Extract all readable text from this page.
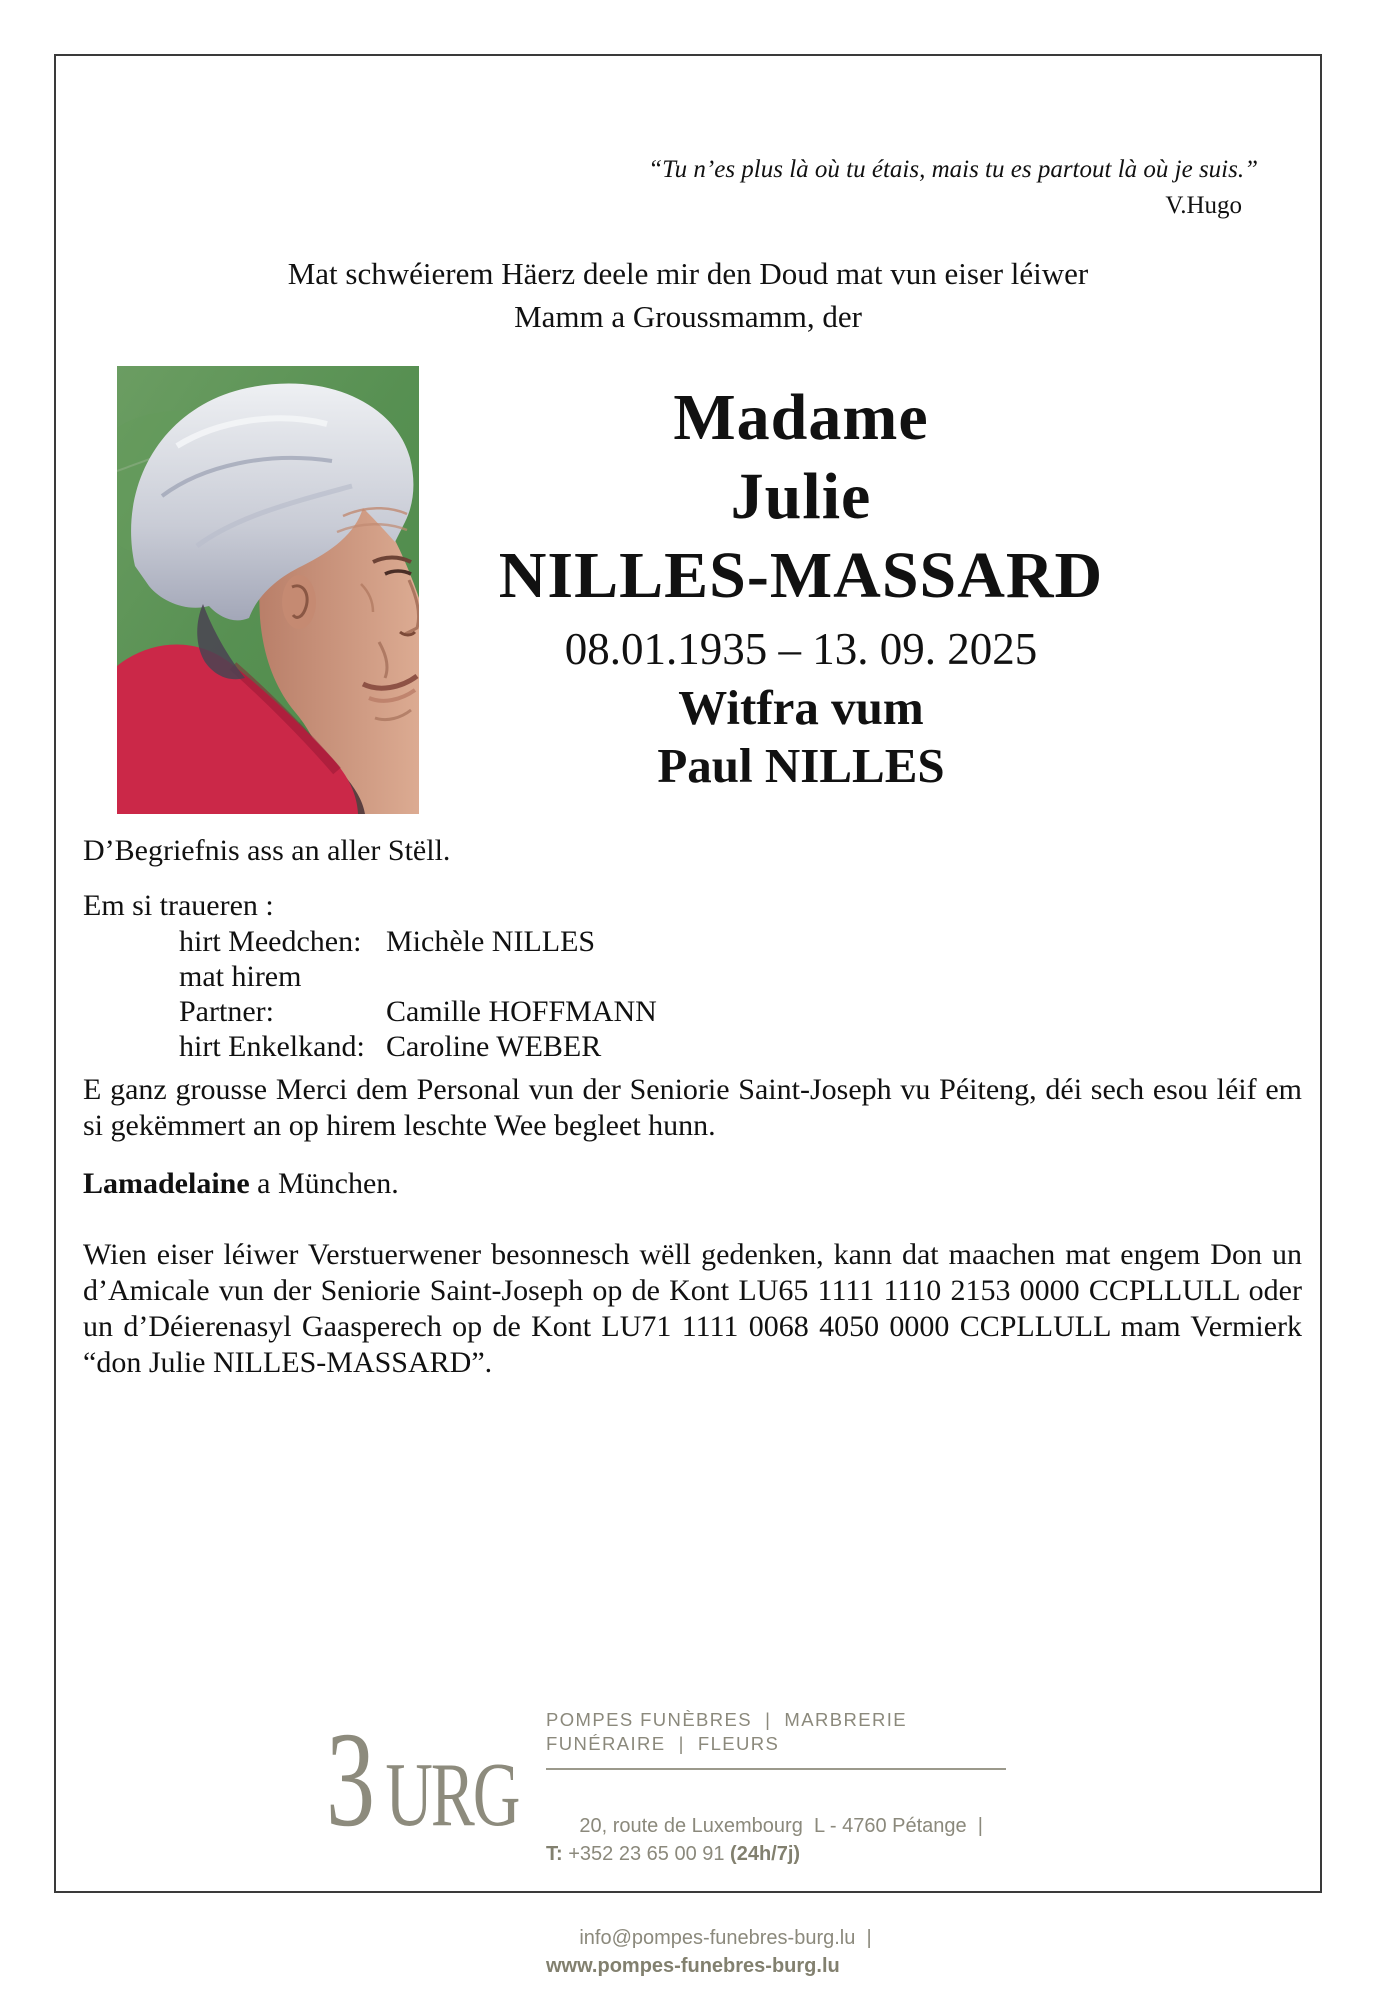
“Tu n’es plus là où tu étais, mais tu es partout là où je suis.”
V.Hugo
Mat schwéierem Häerz deele mir den Doud mat vun eiser léiwer
Mamm a Groussmamm, der
Madame
Julie
NILLES-MASSARD
08.01.1935 – 13. 09. 2025
Witfra vum
Paul NILLES
D’Begriefnis ass an aller Stëll.
Em si traueren :
hirt Meedchen: Michèle NILLES
mat hirem Partner:	Camille HOFFMANN
hirt Enkelkand: Caroline WEBER
E ganz grousse Merci dem Personal vun der Seniorie Saint-Joseph vu Péiteng, déi sech esou léif em
si gekëmmert an op hirem leschte Wee begleet hunn.
Lamadelaine a München.
Wien eiser léiwer Verstuerwener besonnesch wëll gedenken, kann dat maachen mat engem Don un
d’Amicale vun der Seniorie Saint-Joseph op de Kont LU65 1111 1110 2153 0000 CCPLLULL oder
un d’Déierenasyl Gaasperech op de Kont LU71 1111 0068 4050 0000 CCPLLULL mam Vermierk
“don Julie NILLES-MASSARD”.
3 URG
POMPES FUNÈBRES  |  MARBRERIE FUNÉRAIRE  |  FLEURS

20, route de Luxembourg  L - 4760 Pétange  |  T: +352 23 65 00 91 (24h/7j)

info@pompes-funebres-burg.lu  |  www.pompes-funebres-burg.lu
